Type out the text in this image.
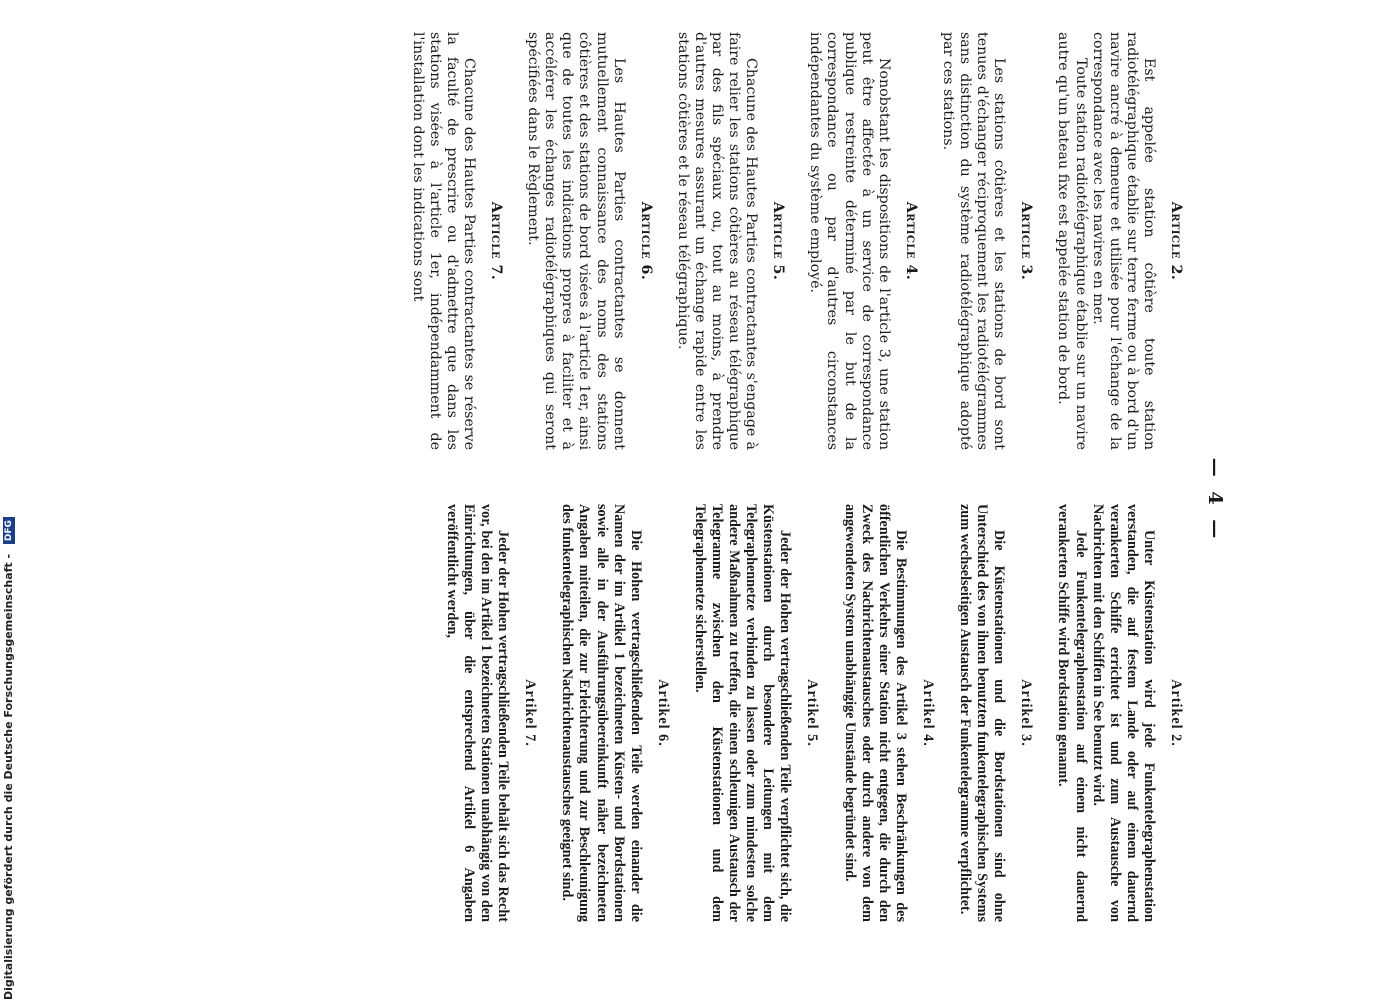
Digitalisierung gefördert durch die Deutsche Forschungsgemeinschaft - DFG	— 4 —
Article 2.

Est appelée station côtière toute station radiotélégraphique établie sur terre ferme ou à bord d'un navire ancré à demeure et utilisée pour l'échange de la correspondance avec les navires en mer.

Toute station radiotélégraphique établie sur un navire autre qu'un bateau fixe est appelée station de bord.

Article 3.

Les stations côtières et les stations de bord sont tenues d'échanger réciproquement les radiotélégrammes sans distinction du système radiotélégraphique adopté par ces stations.

Article 4.

Nonobstant les dispositions de l'article 3, une station peut être affectée à un service de correspondance publique restreinte déterminé par le but de la correspondance ou par d'autres circonstances indépendantes du système employé.

Article 5.

Chacune des Hautes Parties contractantes s'engage à faire relier les stations côtières au réseau télégraphique par des fils spéciaux ou, tout au moins, à prendre d'autres mesures assurant un échange rapide entre les stations côtières et le réseau télégraphique.

Article 6.

Les Hautes Parties contractantes se donnent mutuellement connaissance des noms des stations côtières et des stations de bord visées à l'article 1er, ainsi que de toutes les indications propres à faciliter et à accélérer les échanges radiotélégraphiques qui seront spécifiées dans le Règlement.

Article 7.

Chacune des Hautes Parties contractantes se réserve la faculté de prescrire ou d'admettre que dans les stations visées à l'article 1er, indépendamment de l'installation dont les indications sont

Artikel 2.

Unter Küstenstation wird jede Funkentelegraphenstation verstanden, die auf festem Lande oder auf einem dauernd verankerten Schiffe errichtet ist und zum Austausche von Nachrichten mit den Schiffen in See benutzt wird.

Jede Funkentelegraphenstation auf einem nicht dauernd verankerten Schiffe wird Bordstation genannt.

Artikel 3.

Die Küstenstationen und die Bordstationen sind ohne Unterschied des von ihnen benutzten funkentelegraphischen Systems zum wechselseitigen Austausch der Funkentelegramme verpflichtet.

Artikel 4.

Die Bestimmungen des Artikel 3 stehen Beschränkungen des öffentlichen Verkehrs einer Station nicht entgegen, die durch den Zweck des Nachrichtenaustausches oder durch andere von dem angewendeten System unabhängige Umstände begründet sind.

Artikel 5.

Jeder der Hohen vertragschließenden Teile verpflichtet sich, die Küstenstationen durch besondere Leitungen mit dem Telegraphennetze verbinden zu lassen oder zum mindesten solche andere Maßnahmen zu treffen, die einen schleunigen Austausch der Telegramme zwischen den Küstenstationen und dem Telegraphennetze sicherstellen.

Artikel 6.

Die Hohen vertragschließenden Teile werden einander die Namen der im Artikel 1 bezeichneten Küsten- und Bordstationen sowie alle in der Ausführungsübereinkunft näher bezeichneten Angaben mitteilen, die zur Erleichterung und zur Beschleunigung des funkentelegraphischen Nachrichtenaustausches geeignet sind.

Artikel 7.

Jeder der Hohen vertragschließenden Teile behält sich das Recht vor, bei den im Artikel 1 bezeichneten Stationen unabhängig von den Einrichtungen, über die entsprechend Artikel 6 Angaben veröffentlicht werden,
